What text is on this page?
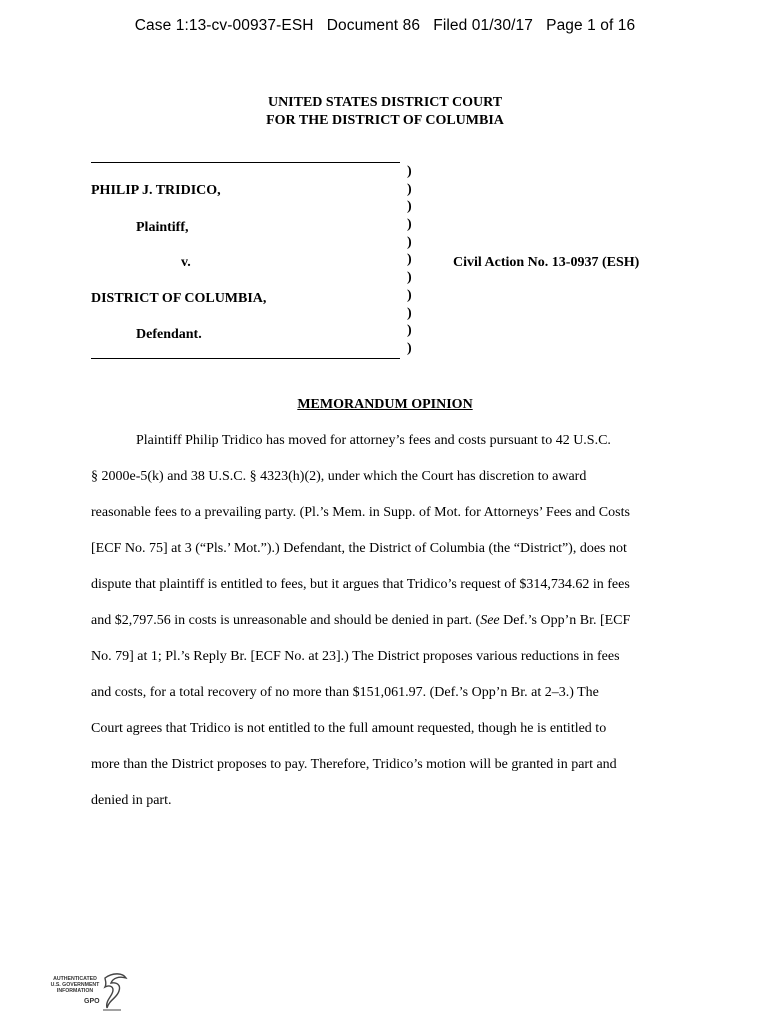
Case 1:13-cv-00937-ESH   Document 86   Filed 01/30/17   Page 1 of 16
UNITED STATES DISTRICT COURT
FOR THE DISTRICT OF COLUMBIA
PHILIP J. TRIDICO,
Plaintiff,
v.
DISTRICT OF COLUMBIA,
Defendant.
Civil Action No. 13-0937 (ESH)
)
)
)
)
)
)
)
)
)
)
)
MEMORANDUM OPINION
Plaintiff Philip Tridico has moved for attorney’s fees and costs pursuant to 42 U.S.C.
§ 2000e-5(k) and 38 U.S.C. § 4323(h)(2), under which the Court has discretion to award
reasonable fees to a prevailing party. (Pl.’s Mem. in Supp. of Mot. for Attorneys’ Fees and Costs
[ECF No. 75] at 3 (“Pls.’ Mot.”).) Defendant, the District of Columbia (the “District”), does not
dispute that plaintiff is entitled to fees, but it argues that Tridico’s request of $314,734.62 in fees
and $2,797.56 in costs is unreasonable and should be denied in part. (See Def.’s Opp’n Br. [ECF
No. 79] at 1; Pl.’s Reply Br. [ECF No. at 23].) The District proposes various reductions in fees
and costs, for a total recovery of no more than $151,061.97. (Def.’s Opp’n Br. at 2–3.) The
Court agrees that Tridico is not entitled to the full amount requested, though he is entitled to
more than the District proposes to pay. Therefore, Tridico’s motion will be granted in part and
denied in part.
AUTHENTICATED
U.S. GOVERNMENT
INFORMATION
GPO
